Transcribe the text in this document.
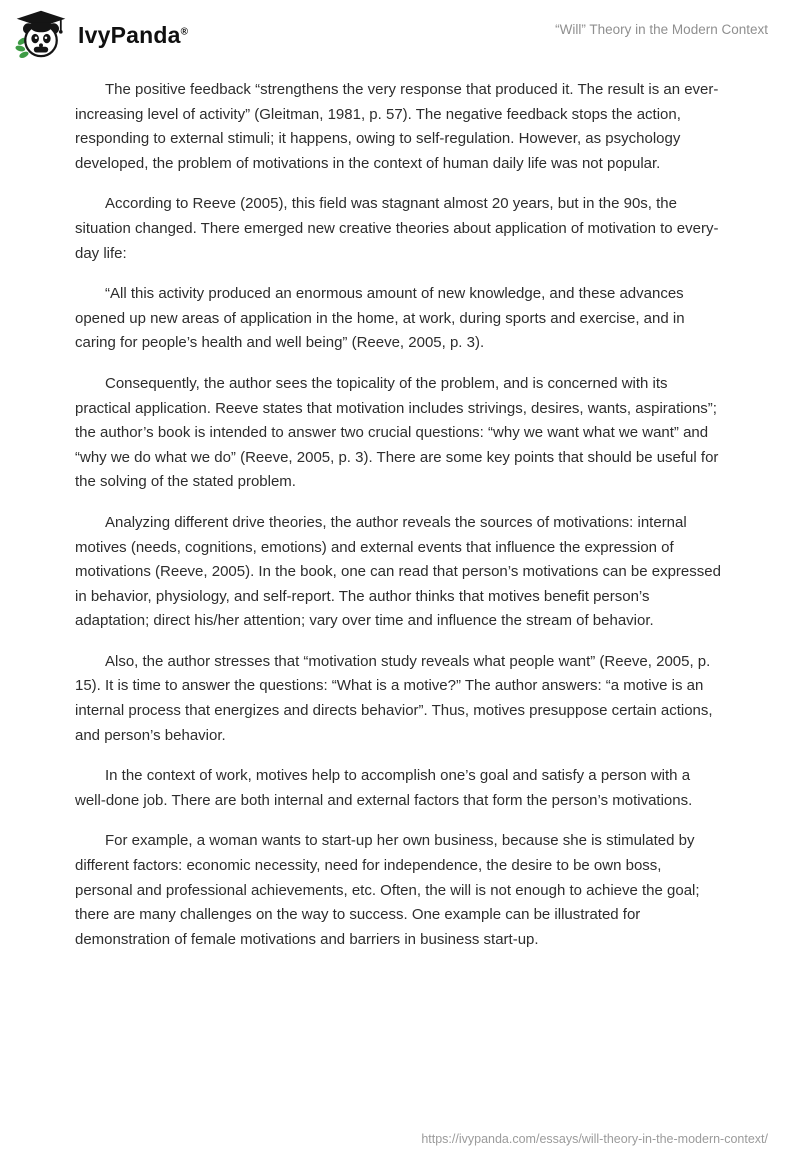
IvyPanda®	“Will” Theory in the Modern Context

The positive feedback “strengthens the very response that produced it. The result is an ever-increasing level of activity” (Gleitman, 1981, p. 57). The negative feedback stops the action, responding to external stimuli; it happens, owing to self-regulation. However, as psychology developed, the problem of motivations in the context of human daily life was not popular.

According to Reeve (2005), this field was stagnant almost 20 years, but in the 90s, the situation changed. There emerged new creative theories about application of motivation to every-day life:

“All this activity produced an enormous amount of new knowledge, and these advances opened up new areas of application in the home, at work, during sports and exercise, and in caring for people’s health and well being” (Reeve, 2005, p. 3).

Consequently, the author sees the topicality of the problem, and is concerned with its practical application. Reeve states that motivation includes strivings, desires, wants, aspirations”; the author’s book is intended to answer two crucial questions: “why we want what we want” and “why we do what we do” (Reeve, 2005, p. 3). There are some key points that should be useful for the solving of the stated problem.

Analyzing different drive theories, the author reveals the sources of motivations: internal motives (needs, cognitions, emotions) and external events that influence the expression of motivations (Reeve, 2005). In the book, one can read that person’s motivations can be expressed in behavior, physiology, and self-report. The author thinks that motives benefit person’s adaptation; direct his/her attention; vary over time and influence the stream of behavior.

Also, the author stresses that “motivation study reveals what people want” (Reeve, 2005, p. 15). It is time to answer the questions: “What is a motive?” The author answers: “a motive is an internal process that energizes and directs behavior”. Thus, motives presuppose certain actions, and person’s behavior.

In the context of work, motives help to accomplish one’s goal and satisfy a person with a well-done job. There are both internal and external factors that form the person’s motivations.

For example, a woman wants to start-up her own business, because she is stimulated by different factors: economic necessity, need for independence, the desire to be own boss, personal and professional achievements, etc. Often, the will is not enough to achieve the goal; there are many challenges on the way to success. One example can be illustrated for demonstration of female motivations and barriers in business start-up.

https://ivypanda.com/essays/will-theory-in-the-modern-context/
